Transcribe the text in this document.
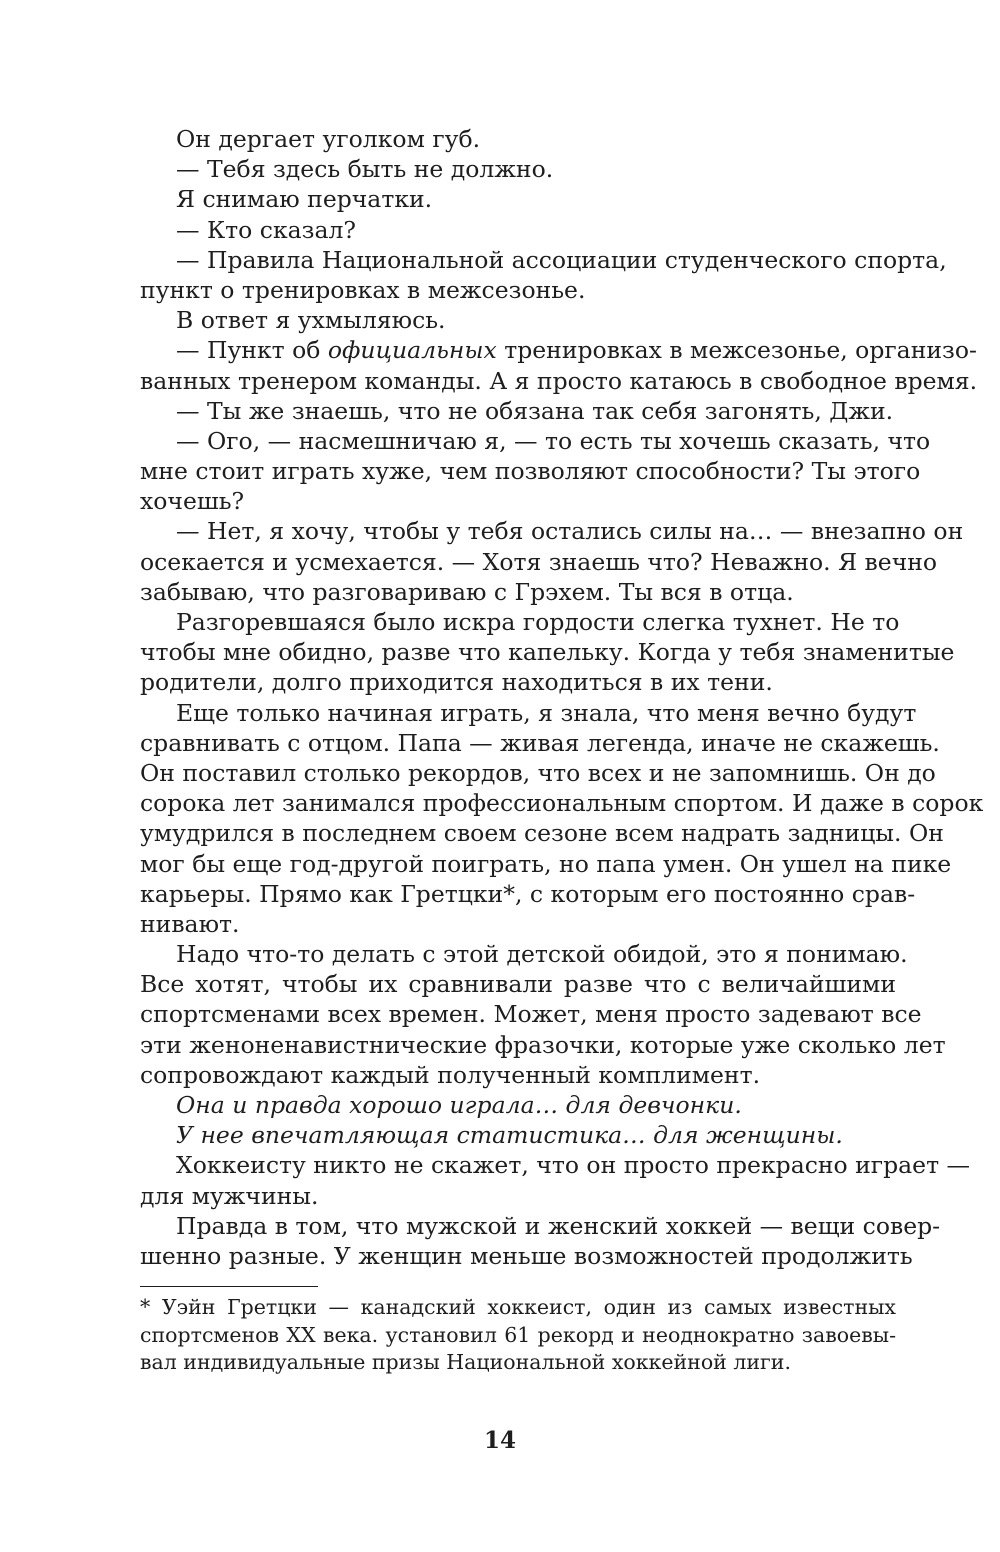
Он дергает уголком губ.
— Тебя здесь быть не должно.
Я снимаю перчатки.
— Кто сказал?
— Правила Национальной ассоциации студенческого спорта,
пункт о тренировках в межсезонье.
В ответ я ухмыляюсь.
— Пункт об официальных тренировках в межсезонье, организо-
ванных тренером команды. А я просто катаюсь в свободное время.
— Ты же знаешь, что не обязана так себя загонять, Джи.
— Ого, — насмешничаю я, — то есть ты хочешь сказать, что
мне стоит играть хуже, чем позволяют способности? Ты этого
хочешь?
— Нет, я хочу, чтобы у тебя остались силы на… — внезапно он
осекается и усмехается. — Хотя знаешь что? Неважно. Я вечно
забываю, что разговариваю с Грэхем. Ты вся в отца.
Разгоревшаяся было искра гордости слегка тухнет. Не то
чтобы мне обидно, разве что капельку. Когда у тебя знаменитые
родители, долго приходится находиться в их тени.
Еще только начиная играть, я знала, что меня вечно будут
сравнивать с отцом. Папа — живая легенда, иначе не скажешь.
Он поставил столько рекордов, что всех и не запомнишь. Он до
сорока лет занимался профессиональным спортом. И даже в сорок
умудрился в последнем своем сезоне всем надрать задницы. Он
мог бы еще год-другой поиграть, но папа умен. Он ушел на пике
карьеры. Прямо как Гретцки*, с которым его постоянно срав-
нивают.
Надо что-то делать с этой детской обидой, это я понимаю.
Все хотят, чтобы их сравнивали разве что с величайшими
спортсменами всех времен. Может, меня просто задевают все
эти женоненавистнические фразочки, которые уже сколько лет
сопровождают каждый полученный комплимент.
Она и правда хорошо играла… для девчонки.
У нее впечатляющая статистика… для женщины.
Хоккеисту никто не скажет, что он просто прекрасно играет —
для мужчины.
Правда в том, что мужской и женский хоккей — вещи совер-
шенно разные. У женщин меньше возможностей продолжить
* Уэйн Гретцки — канадский хоккеист, один из самых известных
спортсменов XX века. установил 61 рекорд и неоднократно завоевы-
вал индивидуальные призы Национальной хоккейной лиги.
14
